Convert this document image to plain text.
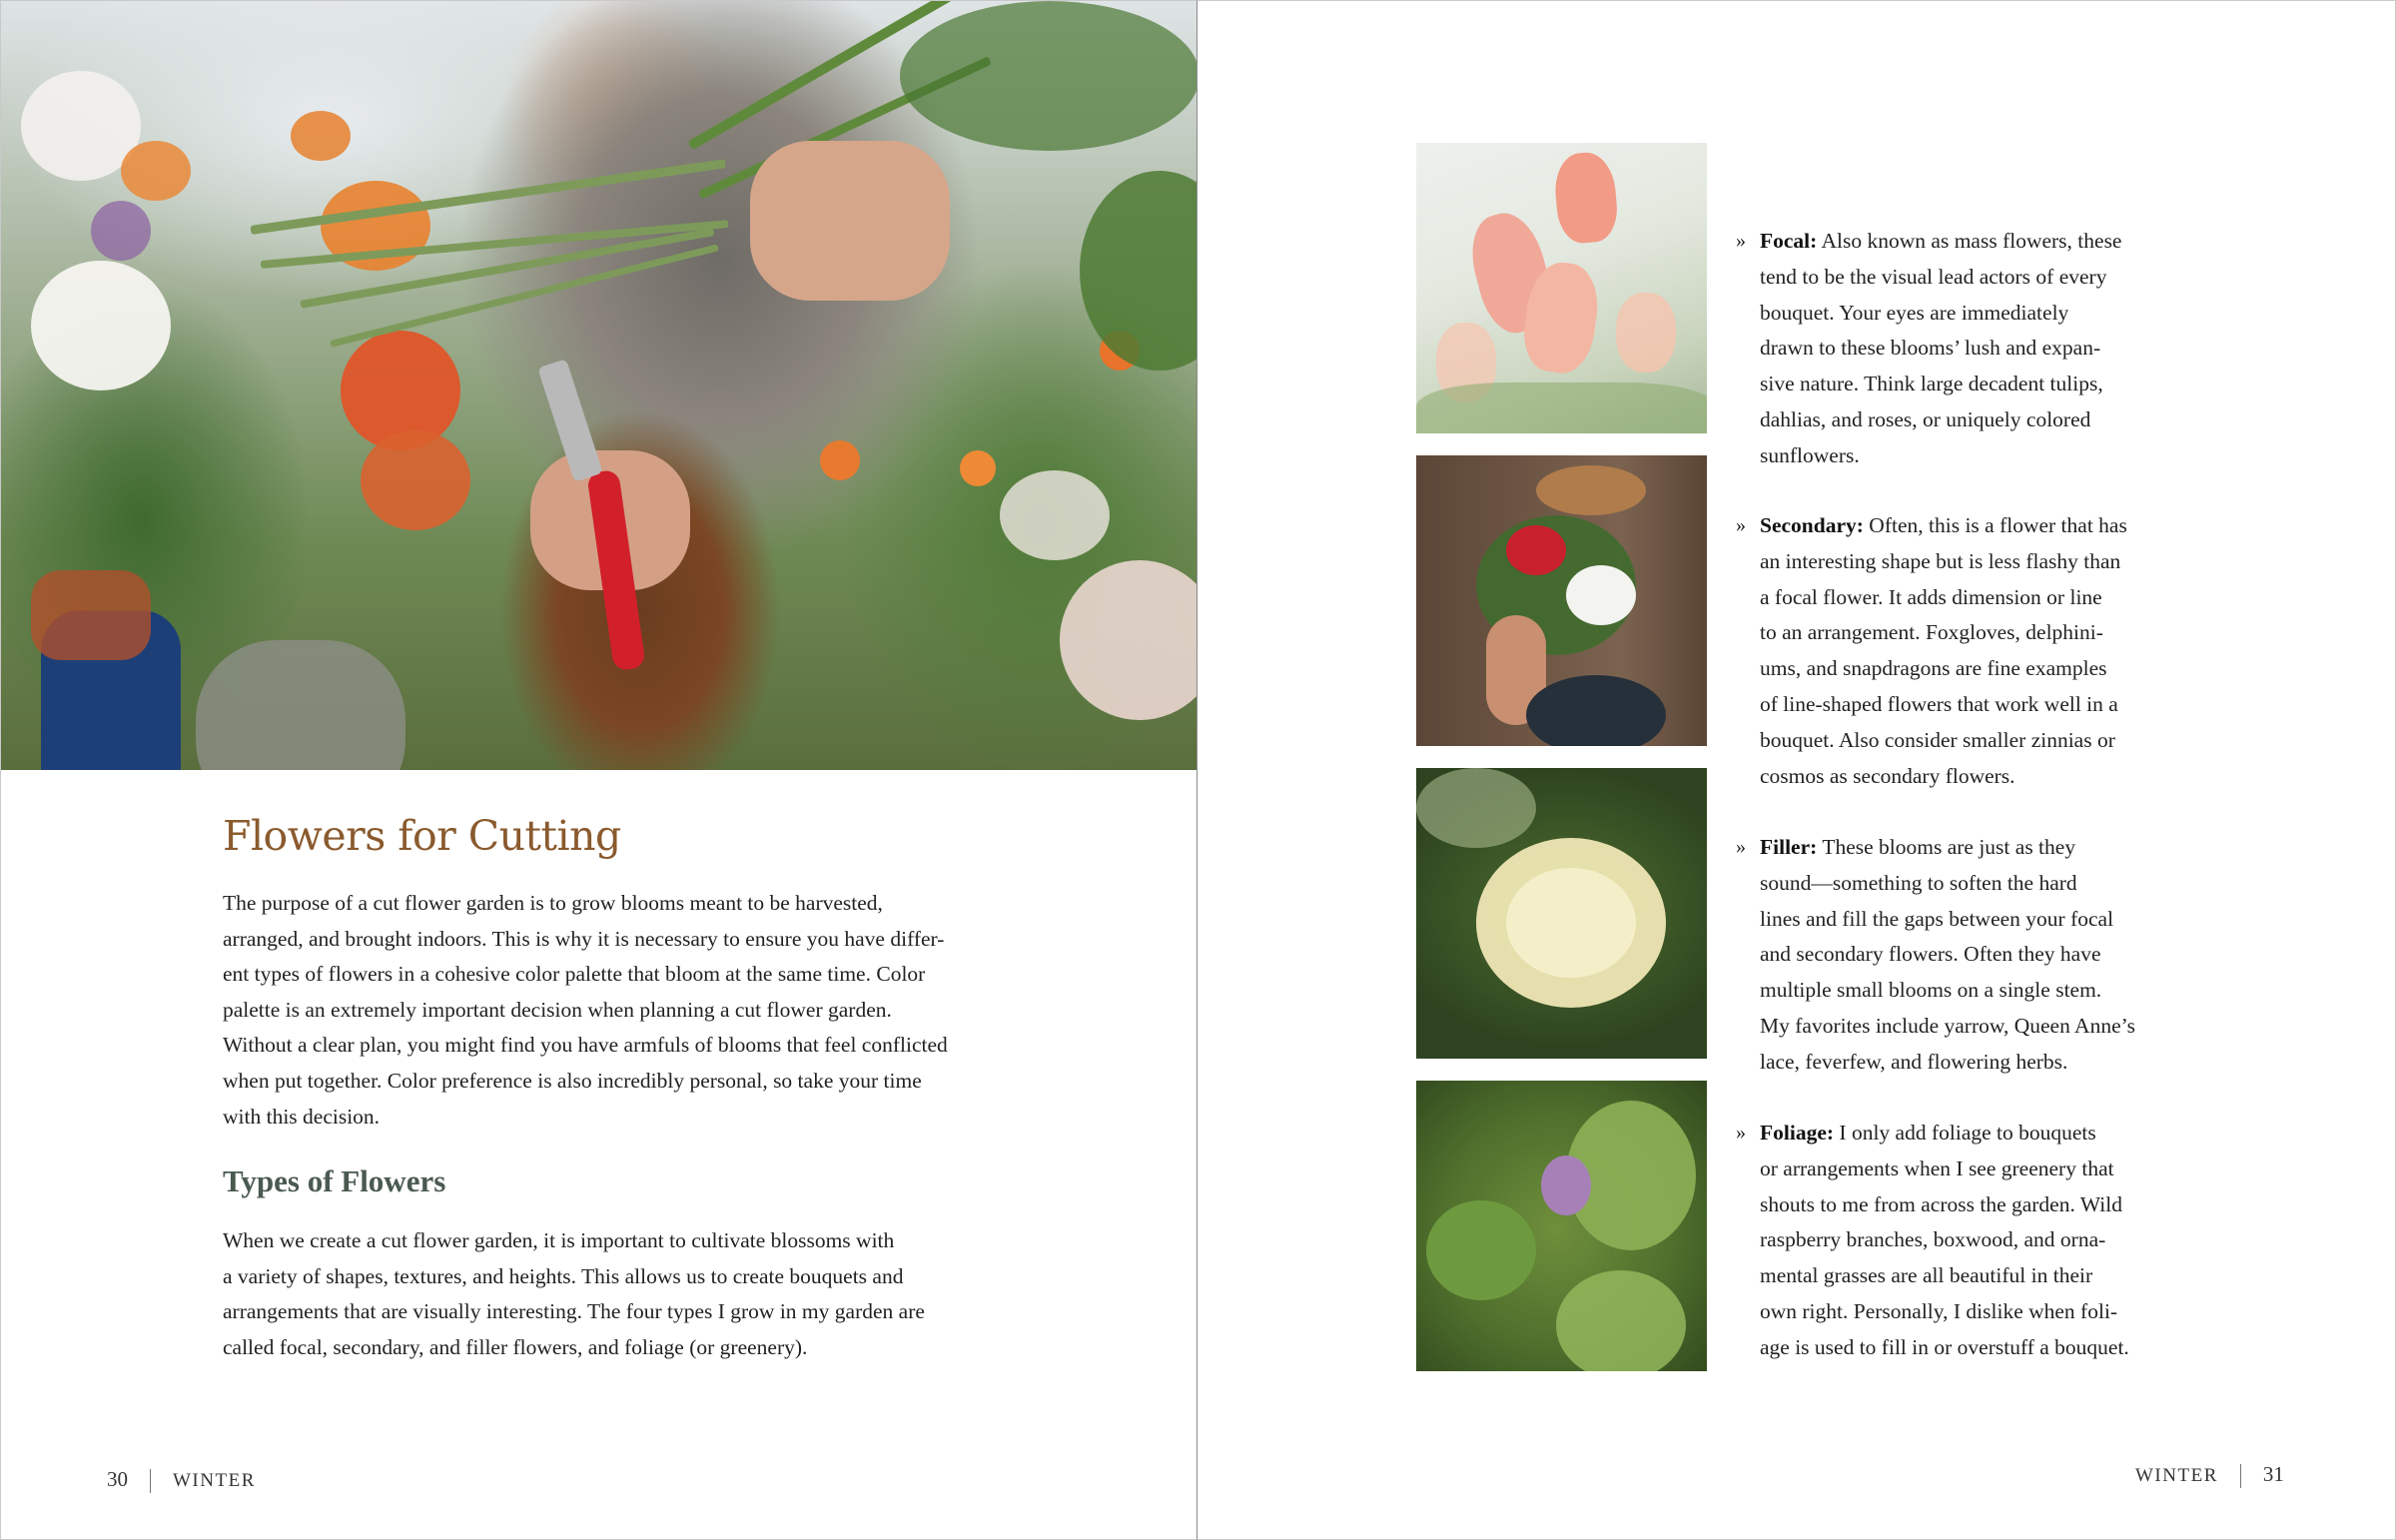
Flowers for Cutting

The purpose of a cut flower garden is to grow blooms meant to be harvested,
arranged, and brought indoors. This is why it is necessary to ensure you have differ-
ent types of flowers in a cohesive color palette that bloom at the same time. Color
palette is an extremely important decision when planning a cut flower garden.
Without a clear plan, you might find you have armfuls of blooms that feel conflicted
when put together. Color preference is also incredibly personal, so take your time
with this decision.

Types of Flowers

When we create a cut flower garden, it is important to cultivate blossoms with
a variety of shapes, textures, and heights. This allows us to create bouquets and
arrangements that are visually interesting. The four types I grow in my garden are
called focal, secondary, and filler flowers, and foliage (or greenery).

30 WINTER
» Focal: Also known as mass flowers, these
tend to be the visual lead actors of every
bouquet. Your eyes are immediately
drawn to these blooms’ lush and expan-
sive nature. Think large decadent tulips,
dahlias, and roses, or uniquely colored
sunflowers.
» Secondary: Often, this is a flower that has
an interesting shape but is less flashy than
a focal flower. It adds dimension or line
to an arrangement. Foxgloves, delphini-
ums, and snapdragons are fine examples
of line-shaped flowers that work well in a
bouquet. Also consider smaller zinnias or
cosmos as secondary flowers.
» Filler: These blooms are just as they
sound—something to soften the hard
lines and fill the gaps between your focal
and secondary flowers. Often they have
multiple small blooms on a single stem.
My favorites include yarrow, Queen Anne’s
lace, feverfew, and flowering herbs.
» Foliage: I only add foliage to bouquets
or arrangements when I see greenery that
shouts to me from across the garden. Wild
raspberry branches, boxwood, and orna-
mental grasses are all beautiful in their
own right. Personally, I dislike when foli-
age is used to fill in or overstuff a bouquet.
WINTER 31
